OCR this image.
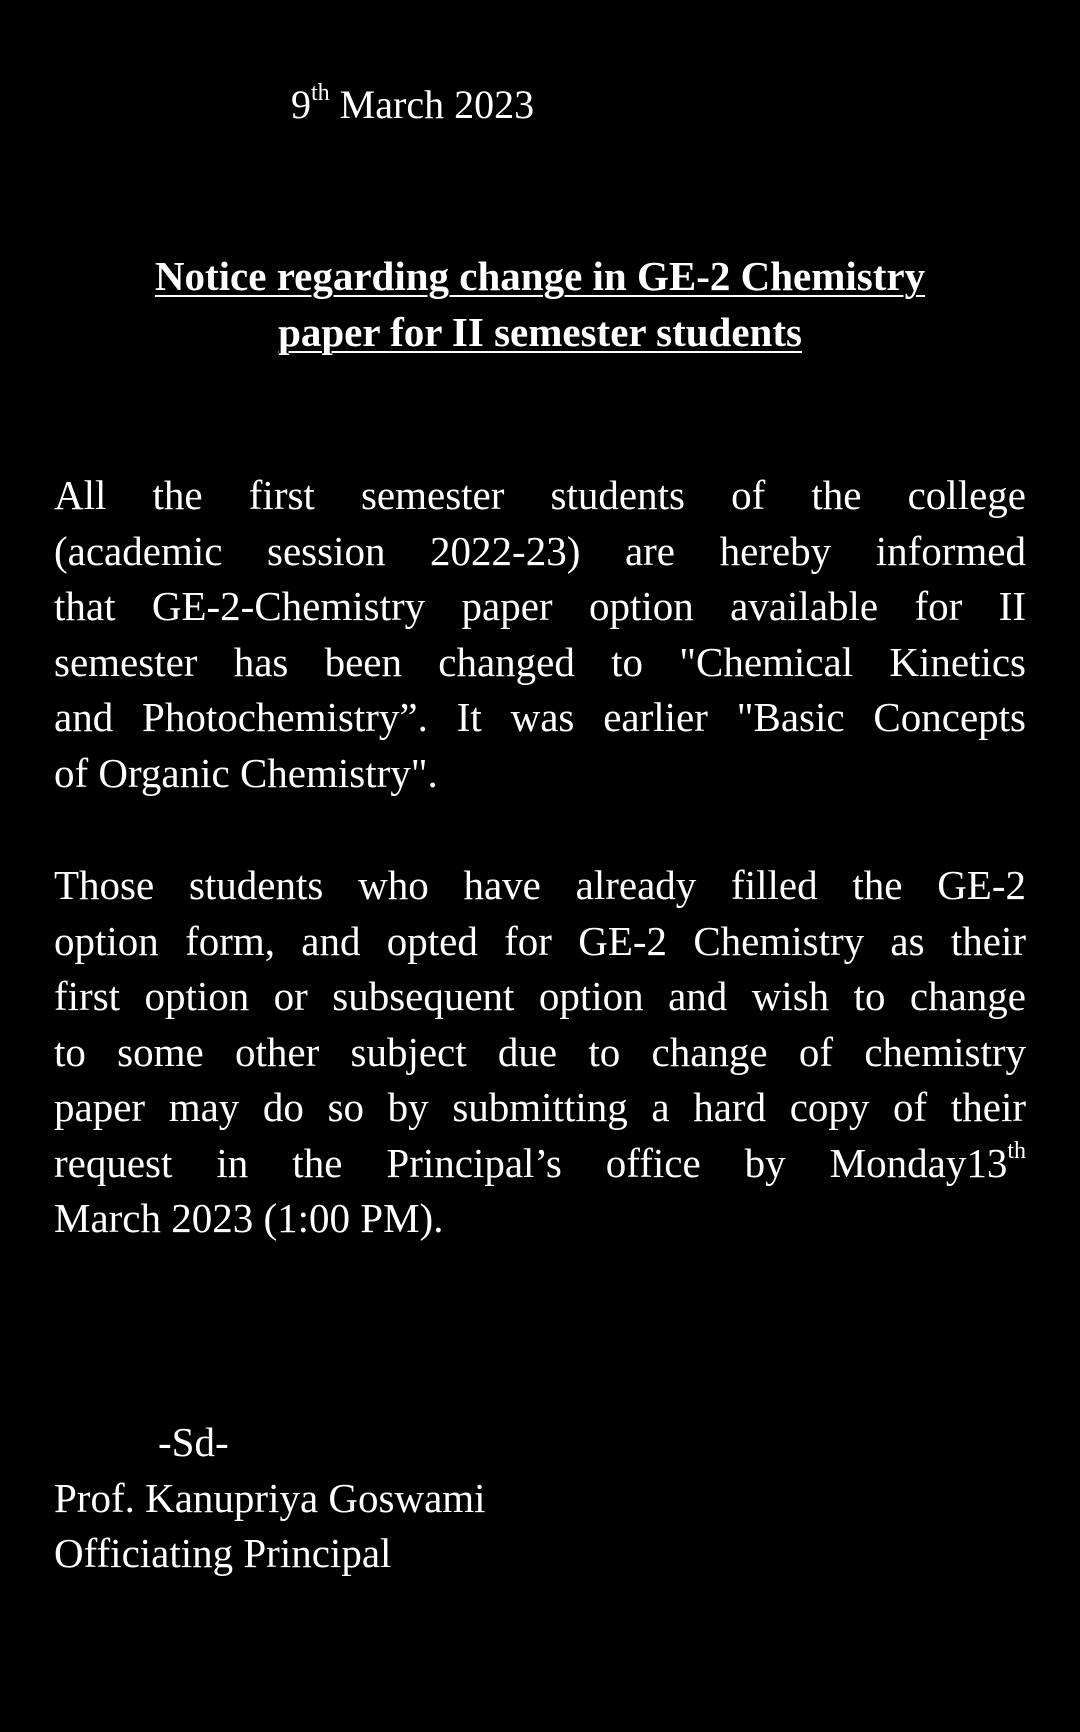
9th March 2023
Notice regarding change in GE-2 Chemistry
paper for II semester students
All the first semester students of the college
(academic session 2022-23) are hereby informed
that GE-2-Chemistry paper option available for II
semester has been changed to "Chemical Kinetics
and Photochemistry”. It was earlier "Basic Concepts
of Organic Chemistry".
Those students who have already filled the GE-2
option form, and opted for GE-2 Chemistry as their
first option or subsequent option and wish to change
to some other subject due to change of chemistry
paper may do so by submitting a hard copy of their
request in the Principal’s office by Monday13th
March 2023 (1:00 PM).
-Sd-
Prof. Kanupriya Goswami
Officiating Principal
